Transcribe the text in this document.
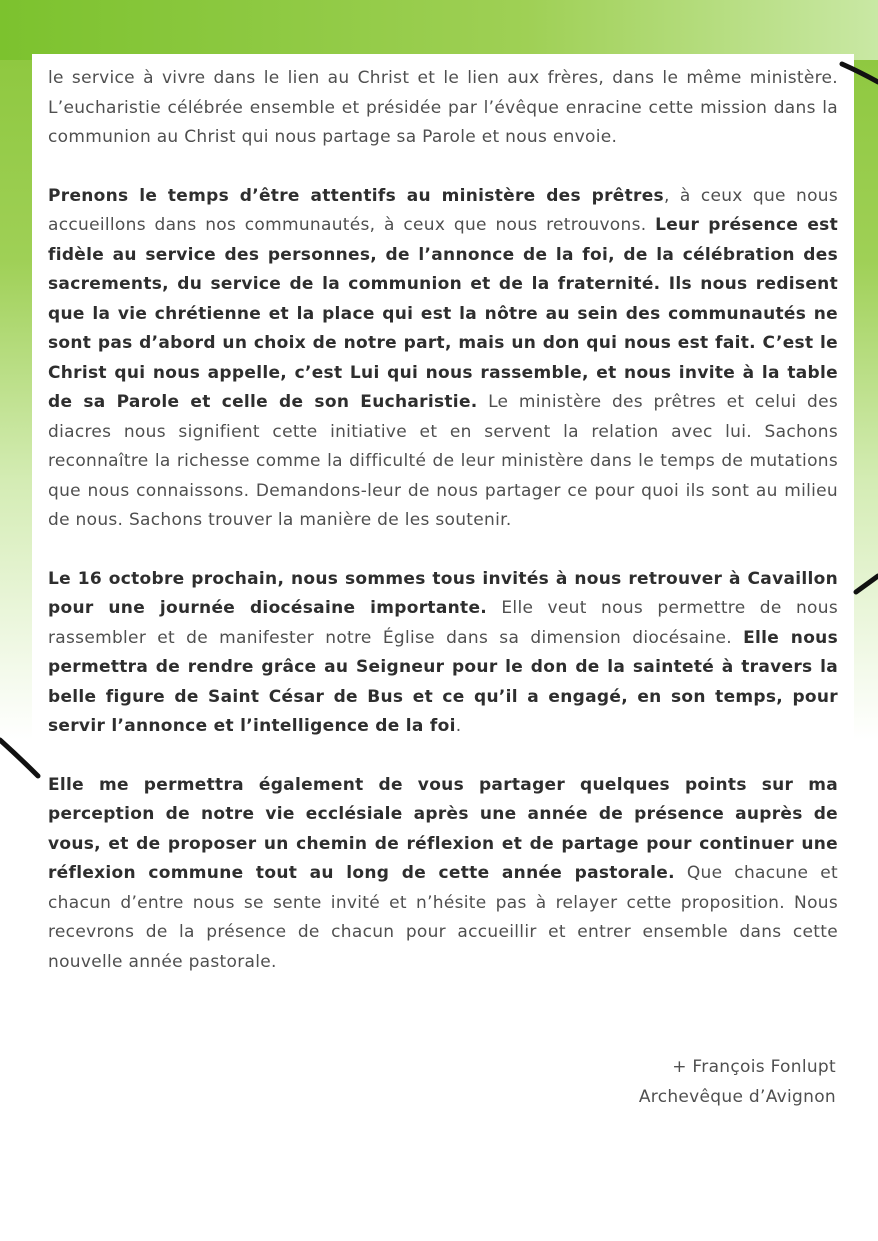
le service à vivre dans le lien au Christ et le lien aux frères, dans le même ministère. L’eucharistie célébrée ensemble et présidée par l’évêque enracine cette mission dans la communion au Christ qui nous partage sa Parole et nous envoie.

Prenons le temps d’être attentifs au ministère des prêtres, à ceux que nous accueillons dans nos communautés, à ceux que nous retrouvons. Leur présence est fidèle au service des personnes, de l’annonce de la foi, de la célébration des sacrements, du service de la communion et de la fraternité. Ils nous redisent que la vie chrétienne et la place qui est la nôtre au sein des communautés ne sont pas d’abord un choix de notre part, mais un don qui nous est fait. C’est le Christ qui nous appelle, c’est Lui qui nous rassemble, et nous invite à la table de sa Parole et celle de son Eucharistie. Le ministère des prêtres et celui des diacres nous signifient cette initiative et en servent la relation avec lui. Sachons reconnaître la richesse comme la difficulté de leur ministère dans le temps de mutations que nous connaissons. Demandons-leur de nous partager ce pour quoi ils sont au milieu de nous. Sachons trouver la manière de les soutenir.

Le 16 octobre prochain, nous sommes tous invités à nous retrouver à Cavaillon pour une journée diocésaine importante. Elle veut nous permettre de nous rassembler et de manifester notre Église dans sa dimension diocésaine. Elle nous permettra de rendre grâce au Seigneur pour le don de la sainteté à travers la belle figure de Saint César de Bus et ce qu’il a engagé, en son temps, pour servir l’annonce et l’intelligence de la foi.

Elle me permettra également de vous partager quelques points sur ma perception de notre vie ecclésiale après une année de présence auprès de vous, et de proposer un chemin de réflexion et de partage pour continuer une réflexion commune tout au long de cette année pastorale. Que chacune et chacun d’entre nous se sente invité et n’hésite pas à relayer cette proposition. Nous recevrons de la présence de chacun pour accueillir et entrer ensemble dans cette nouvelle année pastorale.

+ François Fonlupt
Archevêque d’Avignon
